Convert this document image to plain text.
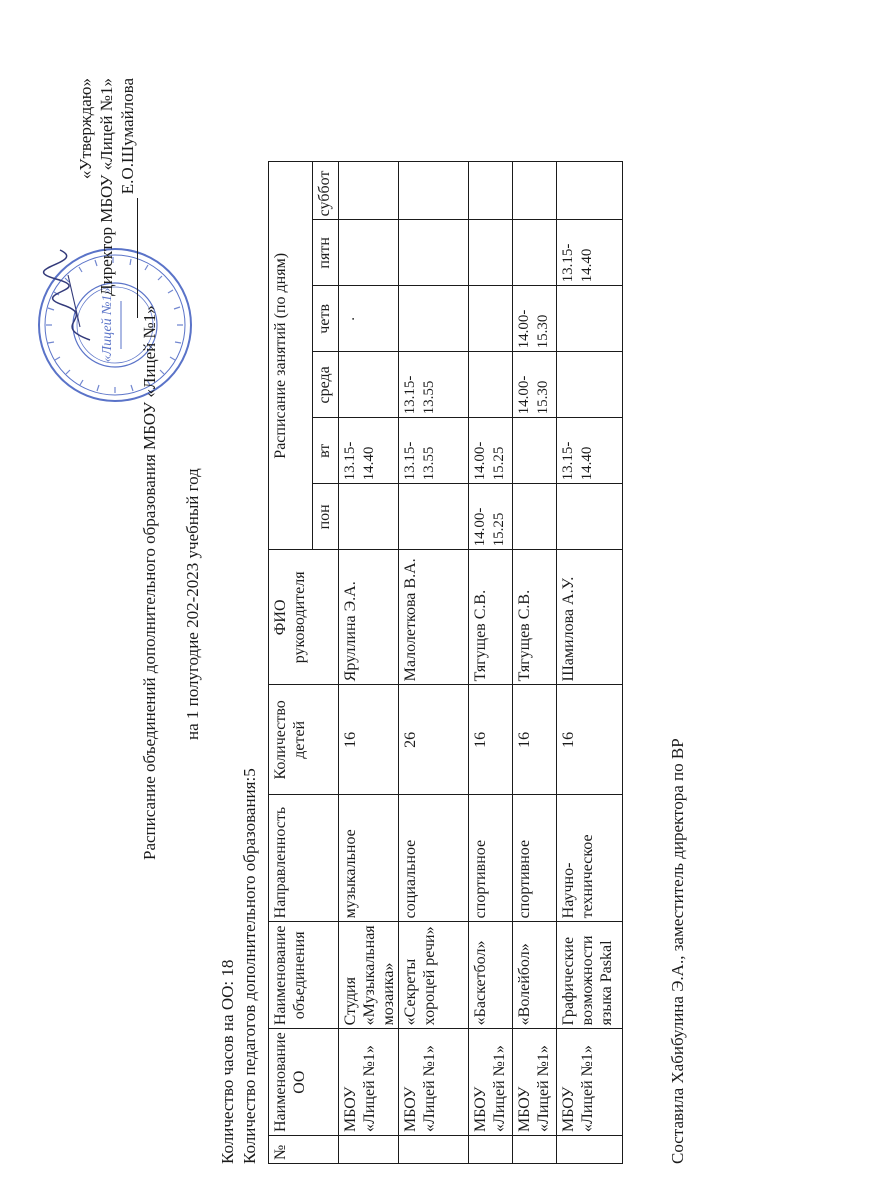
«Лицей №1»
«Утверждаю» Директор МБОУ «Лицей №1» Е.О.Шумайлова
Расписание объединений дополнительного образования МБОУ «Лицей №1» на 1 полугодие 202-2023 учебный год
Количество часов на ОО: 18 Количество педагогов дополнительного образования:5 №	Наименование ОО	Наименование объединения	Направленность	Количество детей	ФИО руководителя	Расписание занятий (по дням)					
						пон	вт	среда	четв	пятн	суббот
	МБОУ «Лицей №1»	Студия «Музыкальная мозаика»	музыкальное	16	Яруллина Э.А.		13.15-14.40		.		
	МБОУ «Лицей №1»	«Секреты хороцей речи»	социальное	26	Малолеткова В.А.		13.15-13.55	13.15-13.55			
	МБОУ «Лицей №1»	«Баскетбол»	спортивное	16	Тягущев С.В.	14.00-15.25	14.00-15.25				
	МБОУ «Лицей №1»	«Волейбол»	спортивное	16	Тягущев С.В.			14.00-15.30	14.00-15.30		
	МБОУ «Лицей №1»	Графические возможности языка Paskal	Научно-техническое	16	Шамилова А.У.		13.15-14.40			13.15-14.40	
Составила Хабибулина Э.А., заместитель директора по ВР
